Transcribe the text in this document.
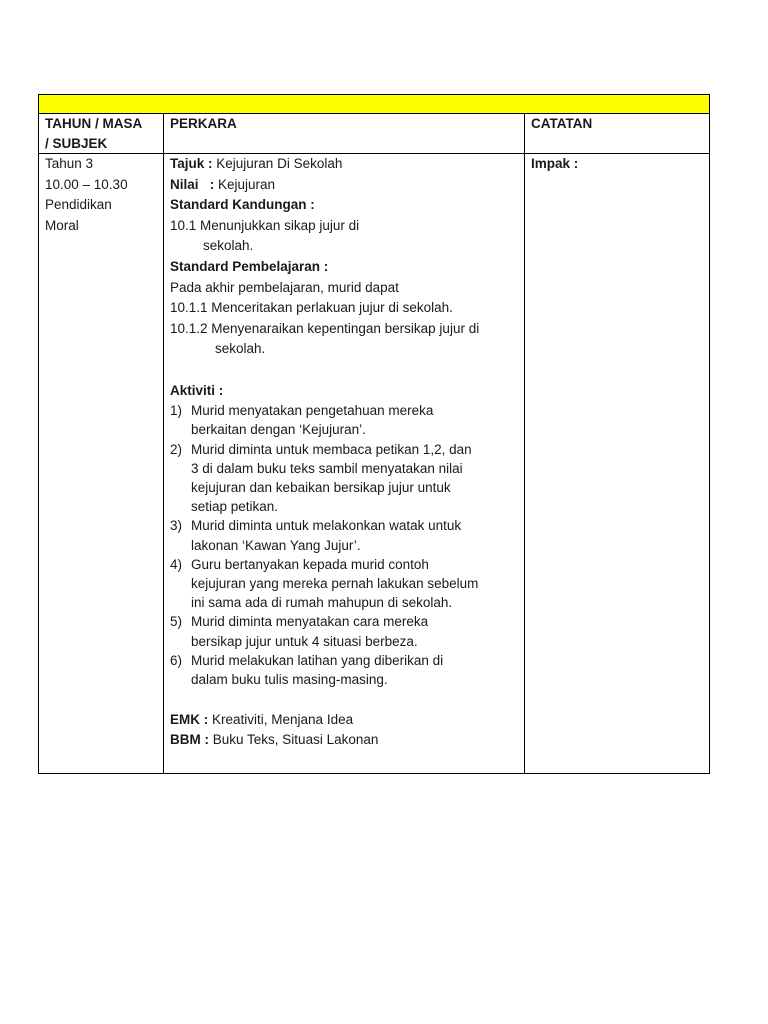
TAHUN / MASA
/ SUBJEK
PERKARA	CATATAN
Tahun 3
10.00 – 10.30
Pendidikan
Moral
Tajuk : Kejujuran Di Sekolah
Nilai   : Kejujuran
Standard Kandungan :
10.1 Menunjukkan sikap jujur di
sekolah.
Standard Pembelajaran :
Pada akhir pembelajaran, murid dapat
10.1.1 Menceritakan perlakuan jujur di sekolah.
10.1.2 Menyenaraikan kepentingan bersikap jujur di
sekolah.
Aktiviti :
1) Murid menyatakan pengetahuan mereka
berkaitan dengan ‘Kejujuran’.
2) Murid diminta untuk membaca petikan 1,2, dan
3 di dalam buku teks sambil menyatakan nilai
kejujuran dan kebaikan bersikap jujur untuk
setiap petikan.
3) Murid diminta untuk melakonkan watak untuk
lakonan ‘Kawan Yang Jujur’.
4) Guru bertanyakan kepada murid contoh
kejujuran yang mereka pernah lakukan sebelum
ini sama ada di rumah mahupun di sekolah.
5) Murid diminta menyatakan cara mereka
bersikap jujur untuk 4 situasi berbeza.
6) Murid melakukan latihan yang diberikan di
dalam buku tulis masing-masing.
EMK : Kreativiti, Menjana Idea
BBM : Buku Teks, Situasi Lakonan
Impak :
